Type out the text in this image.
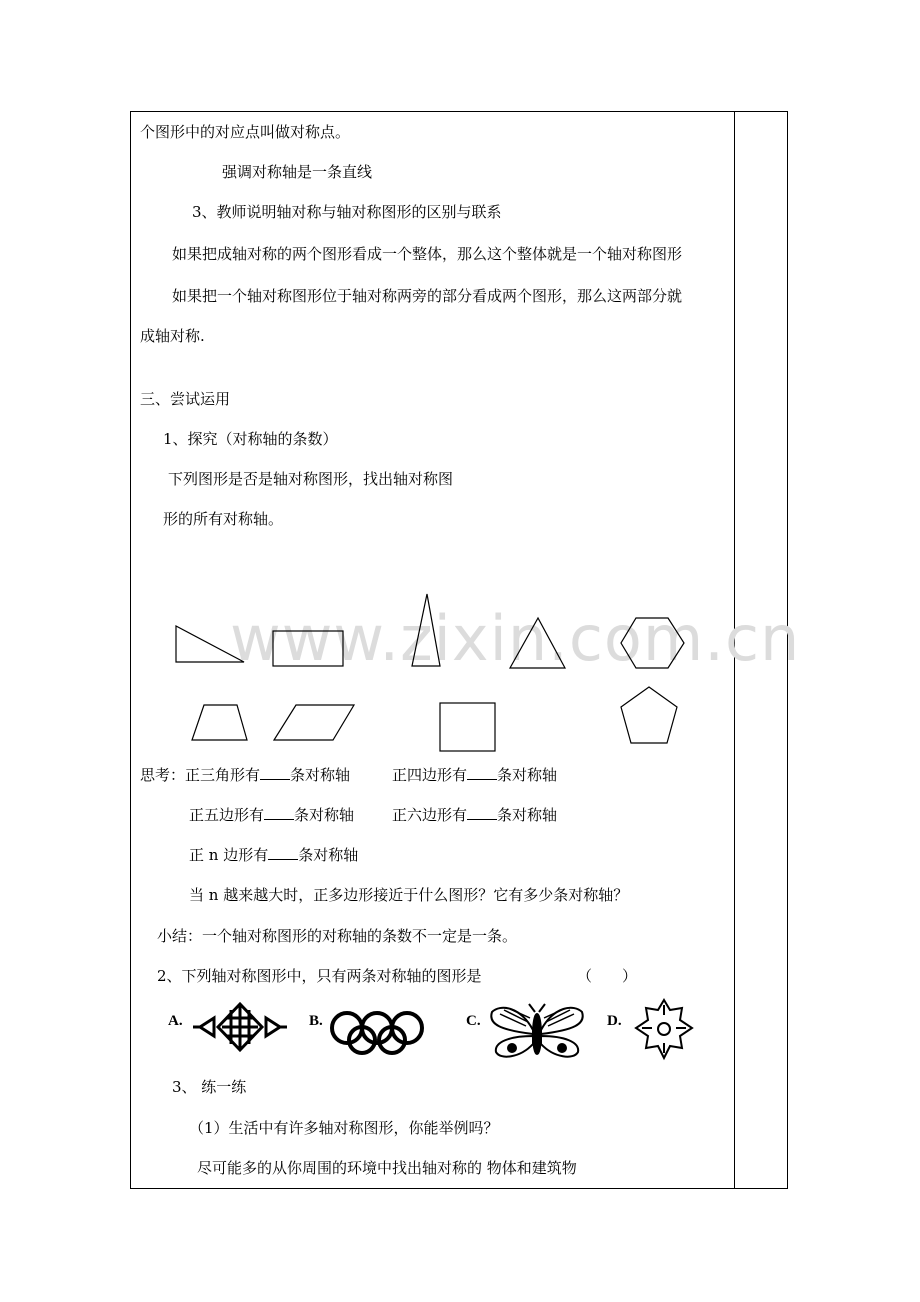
www.zixin.com.cn
个图形中的对应点叫做对称点。
强调对称轴是一条直线
3、教师说明轴对称与轴对称图形的区别与联系
如果把成轴对称的两个图形看成一个整体，那么这个整体就是一个轴对称图形
如果把一个轴对称图形位于轴对称两旁的部分看成两个图形，那么这两部分就
成轴对称.
三、尝试运用
1、探究（对称轴的条数）
下列图形是否是轴对称图形，找出轴对称图
形的所有对称轴。
思考：正三角形有 条对称轴	正四边形有 条对称轴
正五边形有 条对称轴	正六边形有 条对称轴
正 n 边形有 条对称轴
当 n 越来越大时，正多边形接近于什么图形？它有多少条对称轴？
小结：一个轴对称图形的对称轴的条数不一定是一条。
2、下列轴对称图形中，只有两条对称轴的图形是	（　　）
A.	B.	C.	D.
3、 练一练
（1）生活中有许多轴对称图形，你能举例吗？
尽可能多的从你周围的环境中找出轴对称的 物体和建筑物
